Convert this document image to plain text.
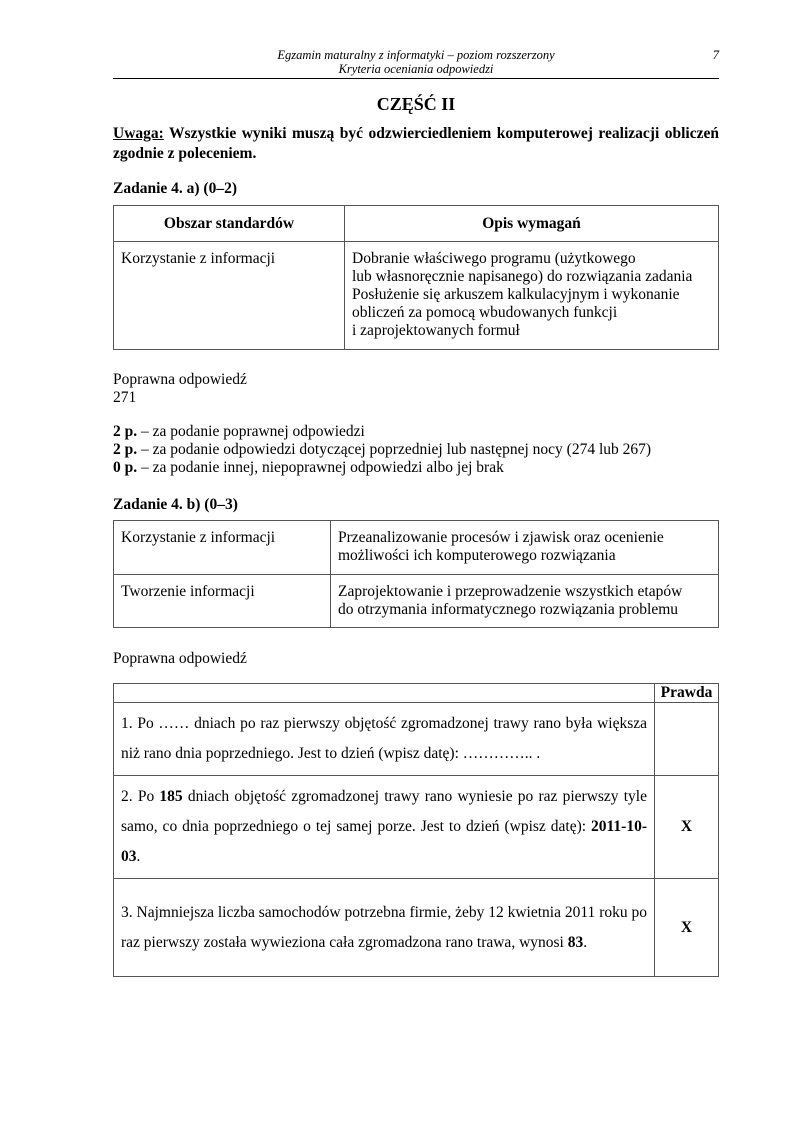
Egzamin maturalny z informatyki – poziom rozszerzony	7
Kryteria oceniania odpowiedzi
CZĘŚĆ II
Uwaga: Wszystkie wyniki muszą być odzwierciedleniem komputerowej realizacji obliczeń zgodnie z poleceniem.
Zadanie 4. a) (0–2)
Obszar standardów	Opis wymagań
Korzystanie z informacji	Dobranie właściwego programu (użytkowego
lub własnoręcznie napisanego) do rozwiązania zadania
Posłużenie się arkuszem kalkulacyjnym i wykonanie
obliczeń za pomocą wbudowanych funkcji
i zaprojektowanych formuł
Poprawna odpowiedź
271
2 p. – za podanie poprawnej odpowiedzi
2 p. – za podanie odpowiedzi dotyczącej poprzedniej lub następnej nocy (274 lub 267)
0 p. – za podanie innej, niepoprawnej odpowiedzi albo jej brak
Zadanie 4. b) (0–3)
Korzystanie z informacji	Przeanalizowanie procesów i zjawisk oraz ocenienie
możliwości ich komputerowego rozwiązania

Tworzenie informacji	Zaprojektowanie i przeprowadzenie wszystkich etapów
do otrzymania informatycznego rozwiązania problemu
Poprawna odpowiedź
	Prawda
1. Po …… dniach po raz pierwszy objętość zgromadzonej trawy rano była większa niż rano dnia poprzedniego. Jest to dzień (wpisz datę): ………….. .	
2. Po 185 dniach objętość zgromadzonej trawy rano wyniesie po raz pierwszy tyle samo, co dnia poprzedniego o tej samej porze. Jest to dzień (wpisz datę): 2011-10-03.	X
3. Najmniejsza liczba samochodów potrzebna firmie, żeby 12 kwietnia 2011 roku po raz pierwszy została wywieziona cała zgromadzona rano trawa, wynosi 83.	X
